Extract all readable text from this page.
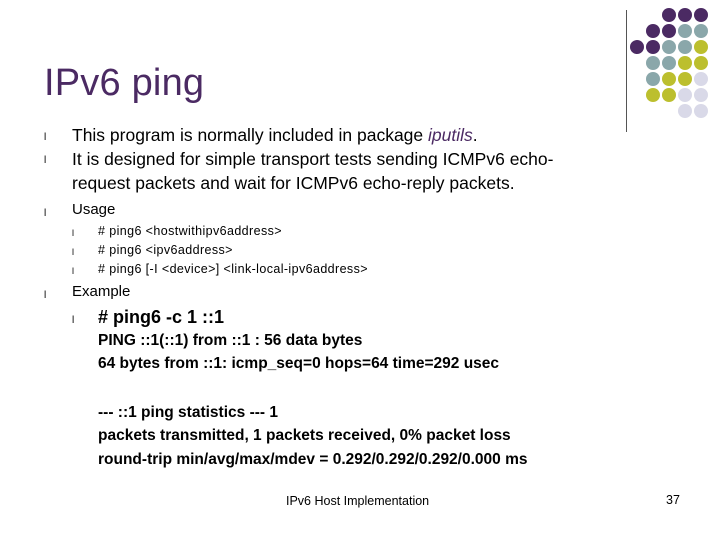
IPv6 ping
l This program is normally included in package iputils.
l It is designed for simple transport tests sending ICMPv6 echo-
request packets and wait for ICMPv6 echo-reply packets.
l Usage
l # ping6 <hostwithipv6address>
l # ping6 <ipv6address>
l # ping6 [-I <device>] <link-local-ipv6address>
l Example
l # ping6 -c 1 ::1
PING ::1(::1) from ::1 : 56 data bytes
64 bytes from ::1: icmp_seq=0 hops=64 time=292 usec
--- ::1 ping statistics --- 1
packets transmitted, 1 packets received, 0% packet loss
round-trip min/avg/max/mdev = 0.292/0.292/0.292/0.000 ms
IPv6 Host Implementation	37
